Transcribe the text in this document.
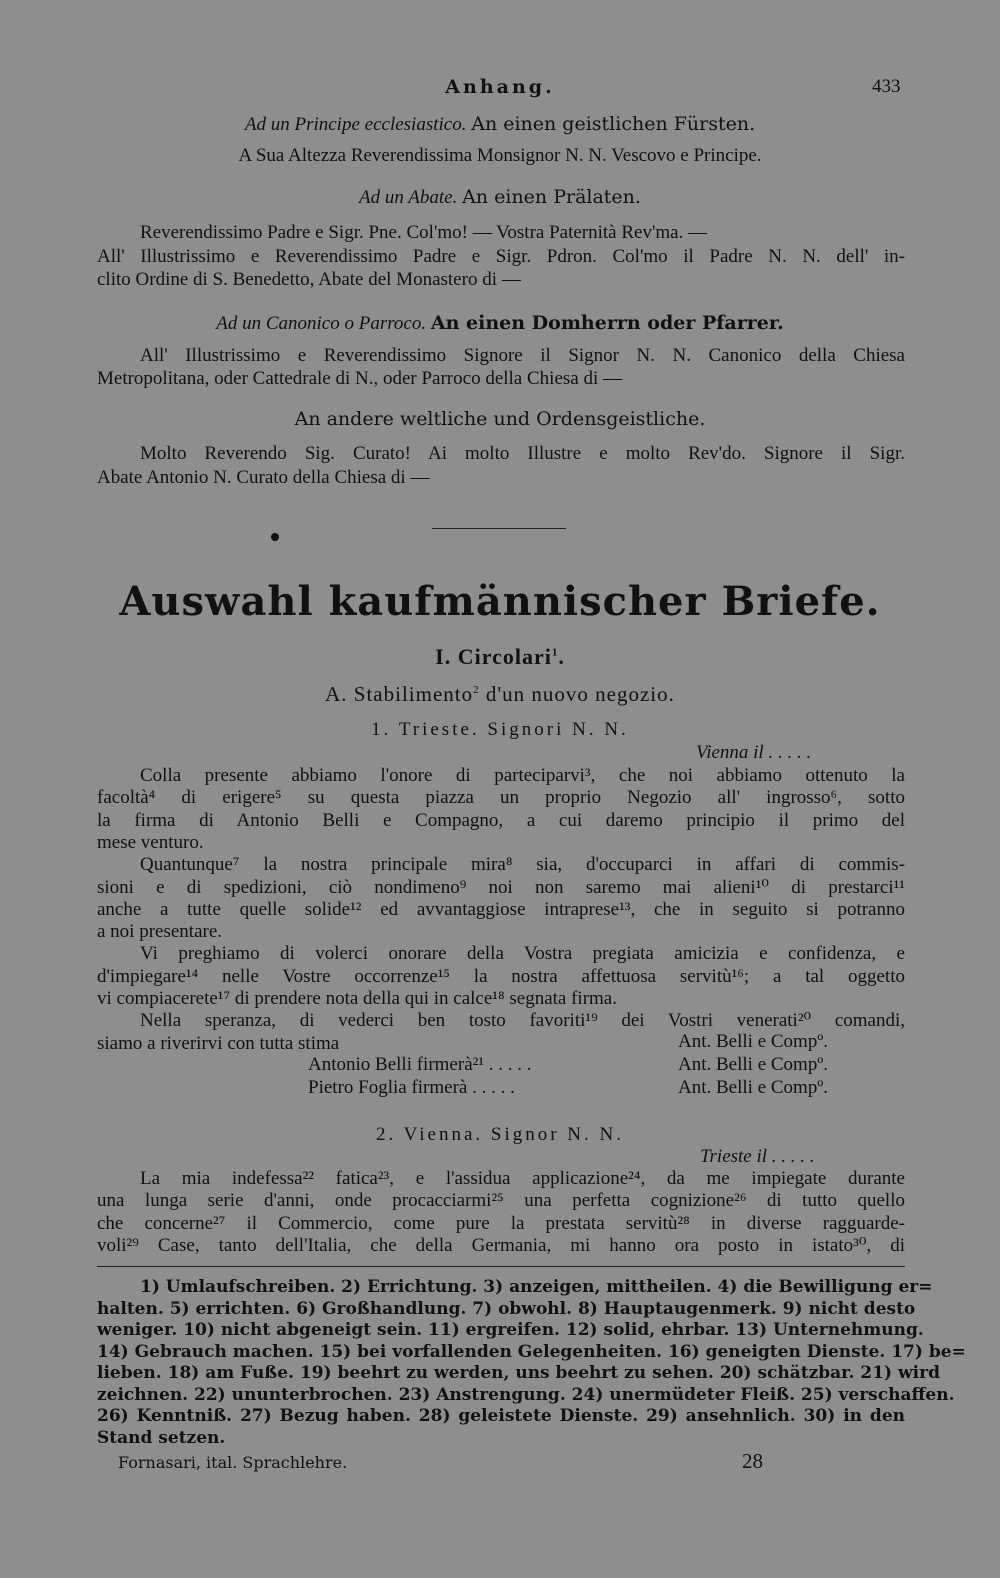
Anhang.	433
Ad un Principe ecclesiastico. An einen geistlichen Fürsten.
A Sua Altezza Reverendissima Monsignor N. N. Vescovo e Principe.
Ad un Abate. An einen Prälaten.
Reverendissimo Padre e Sigr. Pne. Col'mo! — Vostra Paternità Rev'ma. —
All' Illustrissimo e Reverendissimo Padre e Sigr. Pdron. Col'mo il Padre N. N. dell' in-
clito Ordine di S. Benedetto, Abate del Monastero di —
Ad un Canonico o Parroco. An einen Domherrn oder Pfarrer.
All' Illustrissimo e Reverendissimo Signore il Signor N. N. Canonico della Chiesa
Metropolitana, oder Cattedrale di N., oder Parroco della Chiesa di —
An andere weltliche und Ordensgeistliche.
Molto Reverendo Sig. Curato! Ai molto Illustre e molto Rev'do. Signore il Sigr.
Abate Antonio N. Curato della Chiesa di —
Auswahl kaufmännischer Briefe.
I. Circolari$^1$.
A. Stabilimento$^2$ d'un nuovo negozio.
1. Trieste. Signori N. N.
Vienna il . . . . .
Colla presente abbiamo l'onore di parteciparvi³, che noi abbiamo ottenuto la
facoltà⁴ di erigere⁵ su questa piazza un proprio Negozio all' ingrosso⁶, sotto
la firma di Antonio Belli e Compagno, a cui daremo principio il primo del
mese venturo.
Quantunque⁷ la nostra principale mira⁸ sia, d'occuparci in affari di commis-
sioni e di spedizioni, ciò nondimeno⁹ noi non saremo mai alieni¹⁰ di prestarci¹¹
anche a tutte quelle solide¹² ed avvantaggiose intraprese¹³, che in seguito si potranno
a noi presentare.
Vi preghiamo di volerci onorare della Vostra pregiata amicizia e confidenza, e
d'impiegare¹⁴ nelle Vostre occorrenze¹⁵ la nostra affettuosa servitù¹⁶; a tal oggetto
vi compiacerete¹⁷ di prendere nota della qui in calce¹⁸ segnata firma.
Nella speranza, di vederci ben tosto favoriti¹⁹ dei Vostri venerati²⁰ comandi,
siamo a riverirvi con tutta stima	Ant. Belli e Compº.
Antonio Belli firmerà²¹ . . . . .	Ant. Belli e Compº.
Pietro Foglia firmerà . . . . .	Ant. Belli e Compº.
2. Vienna. Signor N. N.
Trieste il . . . . .
La mia indefessa²² fatica²³, e l'assidua applicazione²⁴, da me impiegate durante
una lunga serie d'anni, onde procacciarmi²⁵ una perfetta cognizione²⁶ di tutto quello
che concerne²⁷ il Commercio, come pure la prestata servitù²⁸ in diverse ragguarde-
voli²⁹ Case, tanto dell'Italia, che della Germania, mi hanno ora posto in istato³⁰, di
1) Umlaufschreiben. 2) Errichtung. 3) anzeigen, mittheilen. 4) die Bewilligung er=
halten. 5) errichten. 6) Großhandlung. 7) obwohl. 8) Hauptaugenmerk. 9) nicht desto
weniger. 10) nicht abgeneigt sein. 11) ergreifen. 12) solid, ehrbar. 13) Unternehmung.
14) Gebrauch machen. 15) bei vorfallenden Gelegenheiten. 16) geneigten Dienste. 17) be=
lieben. 18) am Fuße. 19) beehrt zu werden, uns beehrt zu sehen. 20) schätzbar. 21) wird
zeichnen. 22) ununterbrochen. 23) Anstrengung. 24) unermüdeter Fleiß. 25) verschaffen.
26) Kenntniß. 27) Bezug haben. 28) geleistete Dienste. 29) ansehnlich. 30) in den
Stand setzen.
Fornasari, ital. Sprachlehre.	28
